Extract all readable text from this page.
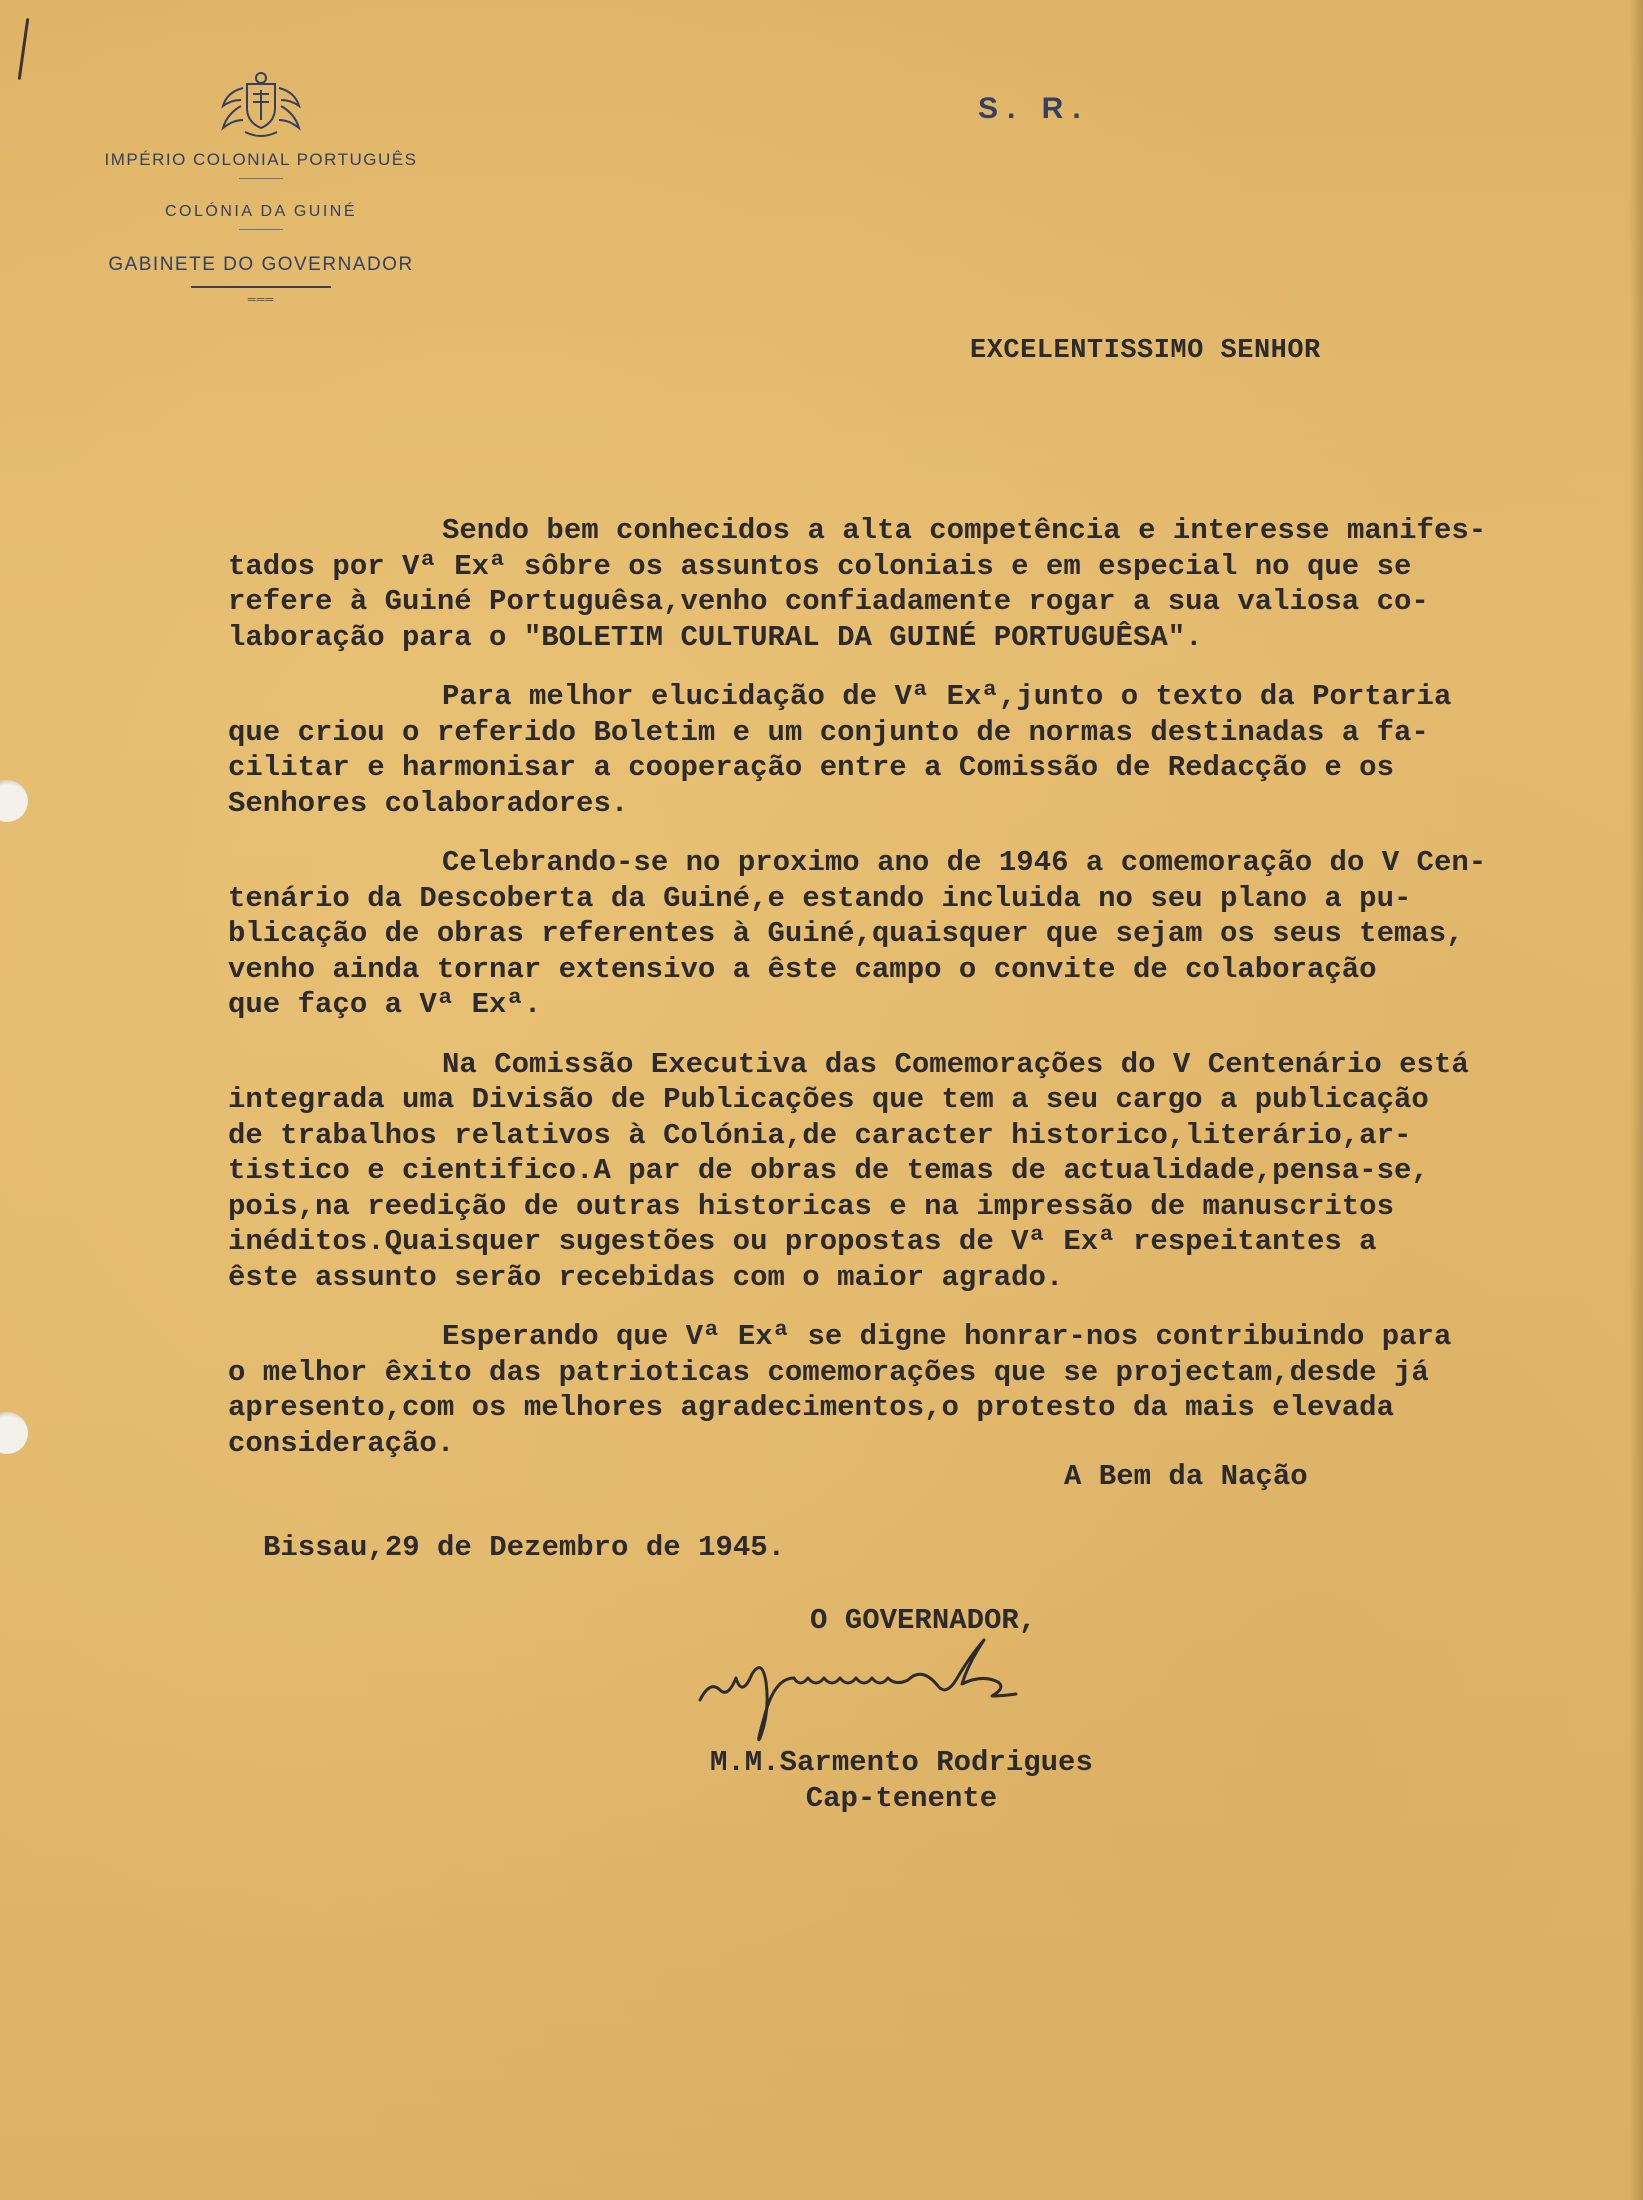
IMPÉRIO COLONIAL PORTUGUÊS
COLÓNIA DA GUINÉ
GABINETE DO GOVERNADOR
═══
S. R.
EXCELENTISSIMO SENHOR
Sendo bem conhecidos a alta competência e interesse manifes-
tados por Vª Exª sôbre os assuntos coloniais e em especial no que se
refere à Guiné Portuguêsa,venho confiadamente rogar a sua valiosa co-
laboração para o "BOLETIM CULTURAL DA GUINÉ PORTUGUÊSA".
Para melhor elucidação de Vª Exª,junto o texto da Portaria
que criou o referido Boletim e um conjunto de normas destinadas a fa-
cilitar e harmonisar a cooperação entre a Comissão de Redacção e os
Senhores colaboradores.
Celebrando-se no proximo ano de 1946 a comemoração do V Cen-
tenário da Descoberta da Guiné,e estando incluida no seu plano a pu-
blicação de obras referentes à Guiné,quaisquer que sejam os seus temas,
venho ainda tornar extensivo a êste campo o convite de colaboração
que faço a Vª Exª.
Na Comissão Executiva das Comemorações do V Centenário está
integrada uma Divisão de Publicações que tem a seu cargo a publicação
de trabalhos relativos à Colónia,de caracter historico,literário,ar-
tistico e cientifico.A par de obras de temas de actualidade,pensa-se,
pois,na reedição de outras historicas e na impressão de manuscritos
inéditos.Quaisquer sugestões ou propostas de Vª Exª respeitantes a
êste assunto serão recebidas com o maior agrado.
Esperando que Vª Exª se digne honrar-nos contribuindo para
o melhor êxito das patrioticas comemorações que se projectam,desde já
apresento,com os melhores agradecimentos,o protesto da mais elevada
consideração.
A Bem da Nação
Bissau,29 de Dezembro de 1945.
O GOVERNADOR,
M.M.Sarmento Rodrigues
Cap-tenente
